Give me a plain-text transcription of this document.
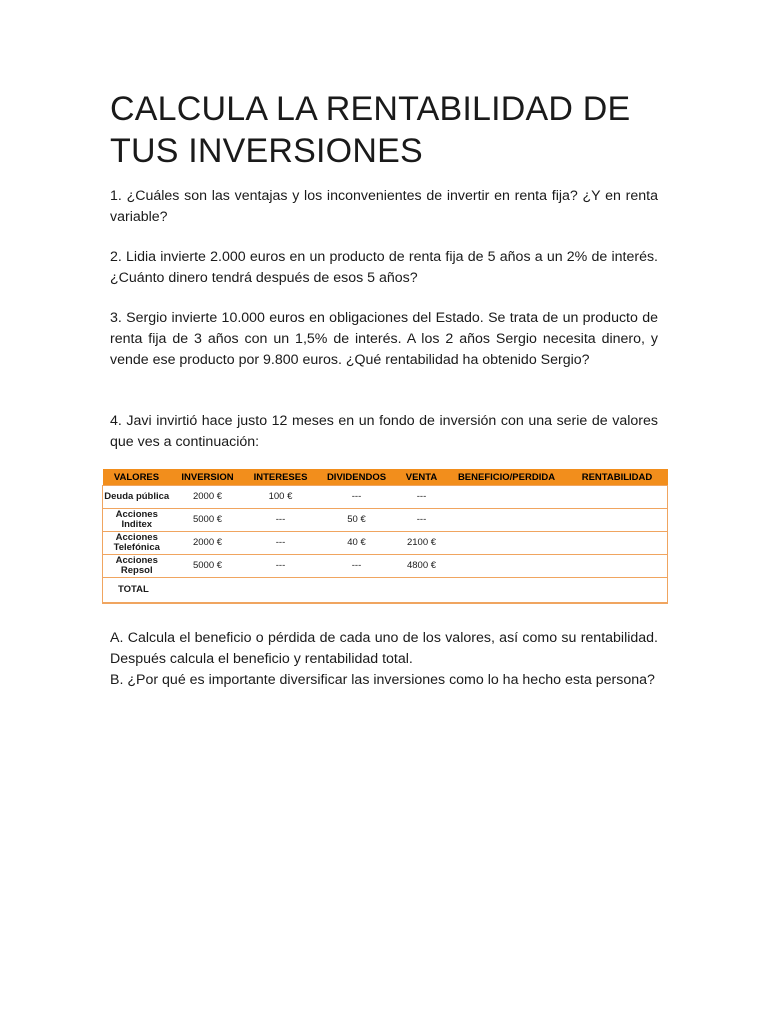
CALCULA LA RENTABILIDAD DE TUS INVERSIONES

1. ¿Cuáles son las ventajas y los inconvenientes de invertir en renta fija? ¿Y en renta variable?

2. Lidia invierte 2.000 euros en un producto de renta fija de 5 años a un 2% de interés. ¿Cuánto dinero tendrá después de esos 5 años?

3. Sergio invierte 10.000 euros en obligaciones del Estado. Se trata de un producto de renta fija de 3 años con un 1,5% de interés. A los 2 años Sergio necesita dinero, y vende ese producto por 9.800 euros. ¿Qué rentabilidad ha obtenido Sergio?

4. Javi invirtió hace justo 12 meses en un fondo de inversión con una serie de valores que ves a continuación:

VALORES	INVERSION	INTERESES	DIVIDENDOS	VENTA	BENEFICIO/PERDIDA	RENTABILIDAD
Deuda pública	2000 €	100 €	---	---		
Acciones Inditex	5000 €	---	50 €	---		
Acciones Telefónica	2000 €	---	40 €	2100 €		
Acciones Repsol	5000 €	---	---	4800 €		
TOTAL						

A. Calcula el beneficio o pérdida de cada uno de los valores, así como su rentabilidad. Después calcula el beneficio y rentabilidad total.

B. ¿Por qué es importante diversificar las inversiones como lo ha hecho esta persona?
